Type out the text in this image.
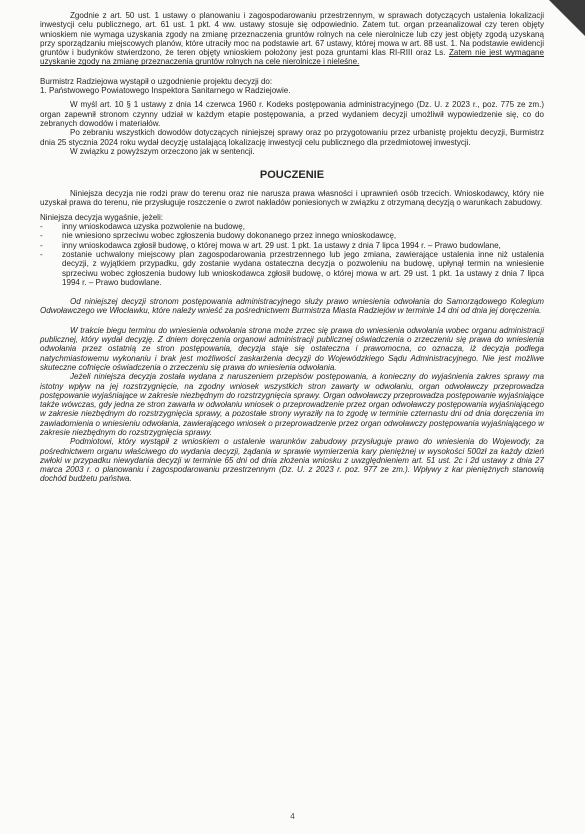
Zgodnie z art. 50 ust. 1 ustawy o planowaniu i zagospodarowaniu przestrzennym, w sprawach dotyczących ustalenia lokalizacji inwestycji celu publicznego, art. 61 ust. 1 pkt. 4 ww. ustawy stosuje się odpowiednio. Zatem tut. organ przeanalizował czy teren objęty wnioskiem nie wymaga uzyskania zgody na zmianę przeznaczenia gruntów rolnych na cele nierolnicze lub czy jest objęty zgodą uzyskaną przy sporządzaniu miejscowych planów, które utraciły moc na podstawie art. 67 ustawy, której mowa w art. 88 ust. 1. Na podstawie ewidencji gruntów i budynków stwierdzono, że teren objęty wnioskiem położony jest poza gruntami klas RI-RIII oraz Ls. Zatem nie jest wymagane uzyskanie zgody na zmianę przeznaczenia gruntów rolnych na cele nierolnicze i nieleśne.

Burmistrz Radziejowa wystąpił o uzgodnienie projektu decyzji do:

1. Państwowego Powiatowego Inspektora Sanitarnego w Radziejowie.

W myśl art. 10 § 1 ustawy z dnia 14 czerwca 1960 r. Kodeks postępowania administracyjnego (Dz. U. z 2023 r., poz. 775 ze zm.) organ zapewnił stronom czynny udział w każdym etapie postępowania, a przed wydaniem decyzji umożliwił wypowiedzenie się, co do zebranych dowodów i materiałów.

Po zebraniu wszystkich dowodów dotyczących niniejszej sprawy oraz po przygotowaniu przez urbanistę projektu decyzji, Burmistrz dnia 25 stycznia 2024 roku wydał decyzję ustalającą lokalizację inwestycji celu publicznego dla przedmiotowej inwestycji.

W związku z powyższym orzeczono jak w sentencji.

POUCZENIE

Niniejsza decyzja nie rodzi praw do terenu oraz nie narusza prawa własności i uprawnień osób trzecich. Wnioskodawcy, który nie uzyskał prawa do terenu, nie przysługuje roszczenie o zwrot nakładów poniesionych w związku z otrzymaną decyzją o warunkach zabudowy.

Niniejsza decyzja wygaśnie, jeżeli:

- inny wnioskodawca uzyska pozwolenie na budowę,
- nie wniesiono sprzeciwu wobec zgłoszenia budowy dokonanego przez innego wnioskodawcę,
- inny wnioskodawca zgłosił budowę, o której mowa w art. 29 ust. 1 pkt. 1a ustawy z dnia 7 lipca 1994 r. – Prawo budowlane,
- zostanie uchwalony miejscowy plan zagospodarowania przestrzennego lub jego zmiana, zawierające ustalenia inne niż ustalenia decyzji, z wyjątkiem przypadku, gdy zostanie wydana ostateczna decyzja o pozwoleniu na budowę, upłynął termin na wniesienie sprzeciwu wobec zgłoszenia budowy lub wnioskodawca zgłosił budowę, o której mowa w art. 29 ust. 1 pkt. 1a ustawy z dnia 7 lipca 1994 r. – Prawo budowlane.

Od niniejszej decyzji stronom postępowania administracyjnego służy prawo wniesienia odwołania do Samorządowego Kolegium Odwoławczego we Włocławku, które należy wnieść za pośrednictwem Burmistrza Miasta Radziejów w terminie 14 dni od dnia jej doręczenia.

W trakcie biegu terminu do wniesienia odwołania strona może zrzec się prawa do wniesienia odwołania wobec organu administracji publicznej, który wydał decyzję. Z dniem doręczenia organowi administracji publicznej oświadczenia o zrzeczeniu się prawa do wniesienia odwołania przez ostatnią ze stron postępowania, decyzja staje się ostateczna i prawomocna, co oznacza, iż decyzja podlega natychmiastowemu wykonaniu i brak jest możliwości zaskarżenia decyzji do Wojewódzkiego Sądu Administracyjnego. Nie jest możliwe skuteczne cofnięcie oświadczenia o zrzeczeniu się prawa do wniesienia odwołania.

Jeżeli niniejsza decyzja została wydana z naruszeniem przepisów postępowania, a konieczny do wyjaśnienia zakres sprawy ma istotny wpływ na jej rozstrzygnięcie, na zgodny wniosek wszystkich stron zawarty w odwołaniu, organ odwoławczy przeprowadza postępowanie wyjaśniające w zakresie niezbędnym do rozstrzygnięcia sprawy. Organ odwoławczy przeprowadza postępowanie wyjaśniające także wówczas, gdy jedna ze stron zawarła w odwołaniu wniosek o przeprowadzenie przez organ odwoławczy postępowania wyjaśniającego w zakresie niezbędnym do rozstrzygnięcia sprawy, a pozostałe strony wyraziły na to zgodę w terminie czternastu dni od dnia doręczenia im zawiadomienia o wniesieniu odwołania, zawierającego wniosek o przeprowadzenie przez organ odwoławczy postępowania wyjaśniającego w zakresie niezbędnym do rozstrzygnięcia sprawy.

Podmiotowi, który wystąpił z wnioskiem o ustalenie warunków zabudowy przysługuje prawo do wniesienia do Wojewody, za pośrednictwem organu właściwego do wydania decyzji, żądania w sprawie wymierzenia kary pieniężnej w wysokości 500zł za każdy dzień zwłoki w przypadku niewydania decyzji w terminie 65 dni od dnia złożenia wniosku z uwzględnieniem art. 51 ust. 2c i 2d ustawy z dnia 27 marca 2003 r. o planowaniu i zagospodarowaniu przestrzennym (Dz. U. z 2023 r. poz. 977 ze zm.). Wpływy z kar pieniężnych stanowią dochód budżetu państwa.

4
